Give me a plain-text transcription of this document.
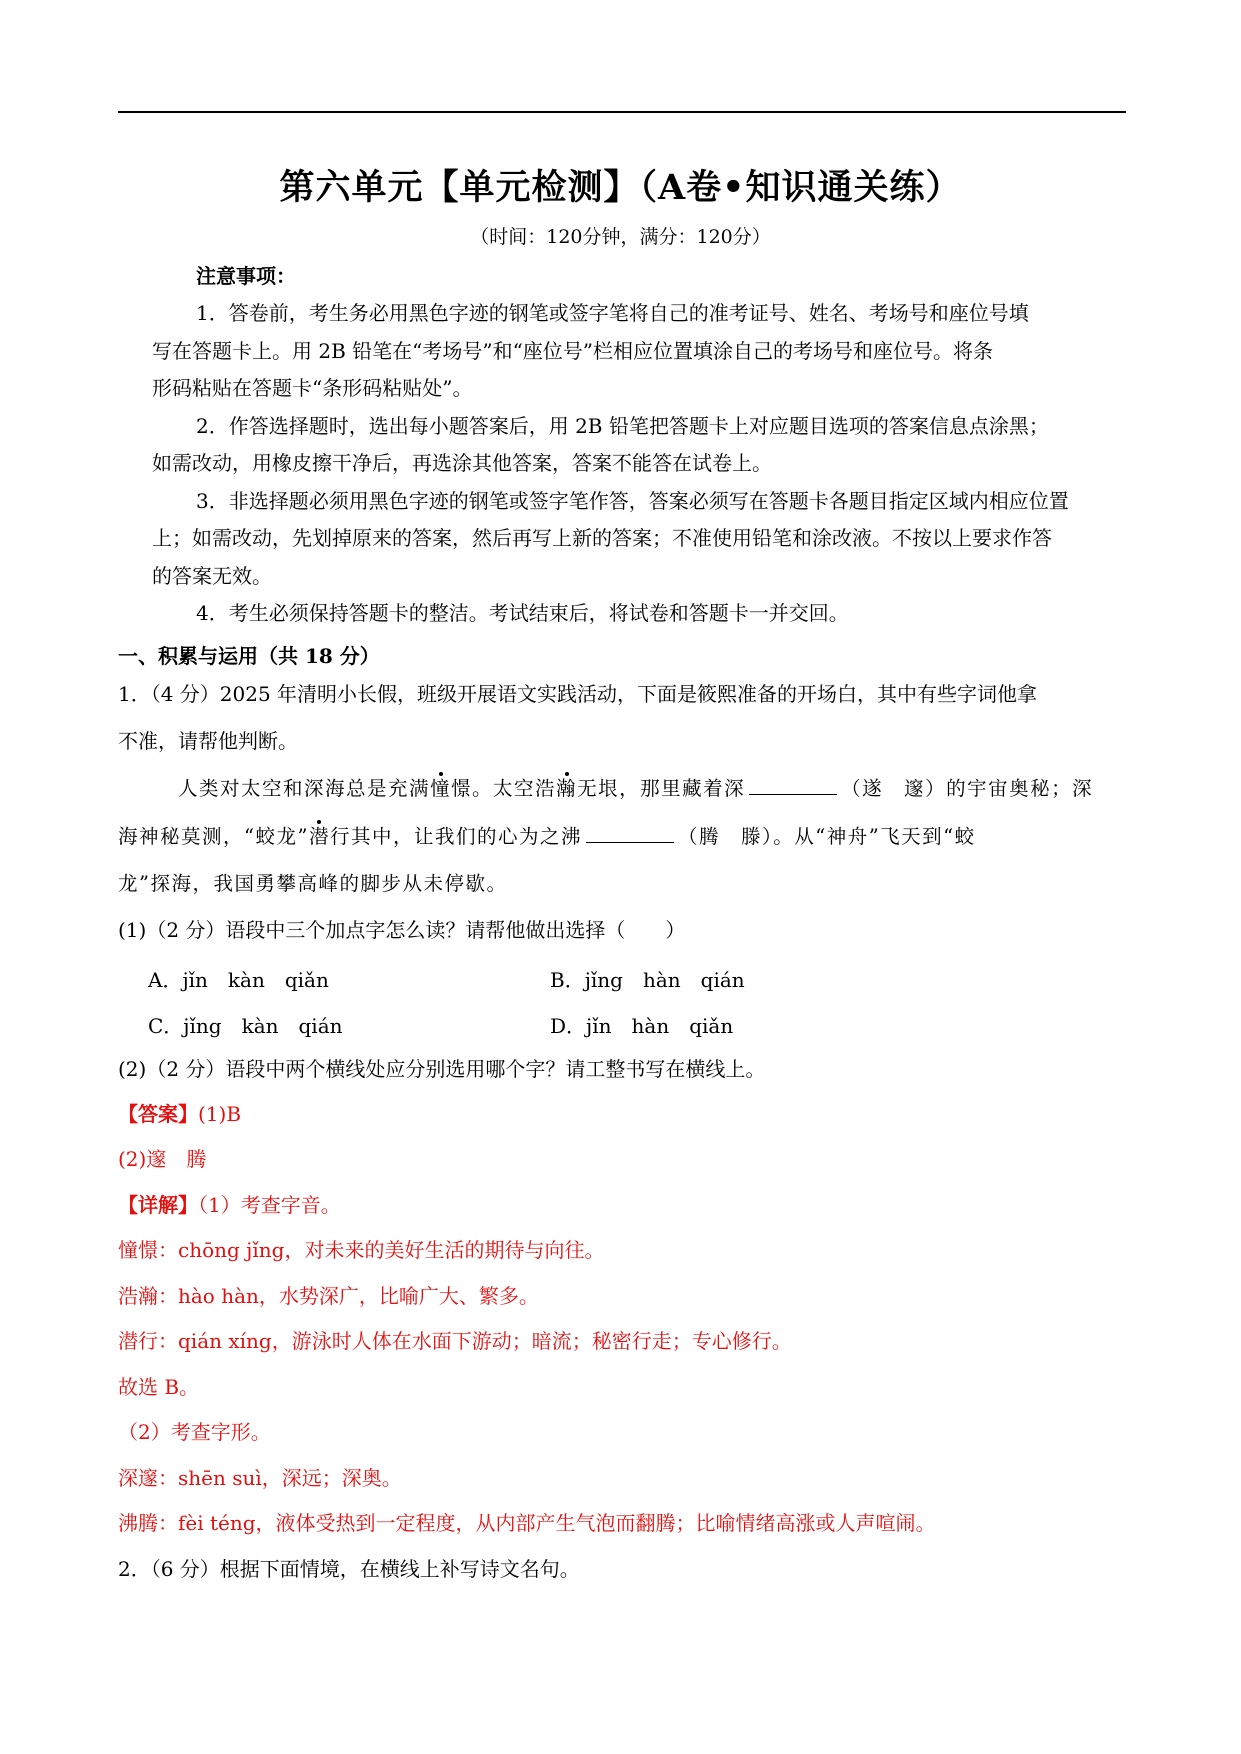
第六单元【单元检测】（A卷•知识通关练）
（时间：120分钟，满分：120分）
注意事项：
1．答卷前，考生务必用黑色字迹的钢笔或签字笔将自己的准考证号、姓名、考场号和座位号填
写在答题卡上。用 2B 铅笔在“考场号”和“座位号”栏相应位置填涂自己的考场号和座位号。将条
形码粘贴在答题卡“条形码粘贴处”。
2．作答选择题时，选出每小题答案后，用 2B 铅笔把答题卡上对应题目选项的答案信息点涂黑；
如需改动，用橡皮擦干净后，再选涂其他答案，答案不能答在试卷上。
3．非选择题必须用黑色字迹的钢笔或签字笔作答，答案必须写在答题卡各题目指定区域内相应位置
上；如需改动，先划掉原来的答案，然后再写上新的答案；不准使用铅笔和涂改液。不按以上要求作答
的答案无效。
4．考生必须保持答题卡的整洁。考试结束后，将试卷和答题卡一并交回。
一、积累与运用（共 18 分）
1．（4 分）2025 年清明小长假，班级开展语文实践活动，下面是筱熙准备的开场白，其中有些字词他拿
不准，请帮他判断。
人类对太空和深海总是充满憧憬。太空浩瀚无垠，那里藏着深	（遂　邃）的宇宙奥秘；深
海神秘莫测，“蛟龙”潜行其中，让我们的心为之沸	（腾　滕）。从“神舟”飞天到“蛟
龙”探海，我国勇攀高峰的脚步从未停歇。
(1)（2 分）语段中三个加点字怎么读？请帮他做出选择（　　）
A．jǐn　kàn　qiǎn	B．jǐng　hàn　qián
C．jǐng　kàn　qián	D．jǐn　hàn　qiǎn
(2)（2 分）语段中两个横线处应分别选用哪个字？请工整书写在横线上。
【答案】(1)B
(2)邃　腾
【详解】（1）考查字音。
憧憬：chōng jǐng，对未来的美好生活的期待与向往。
浩瀚：hào hàn，水势深广，比喻广大、繁多。
潜行：qián xíng，游泳时人体在水面下游动；暗流；秘密行走；专心修行。
故选 B。
（2）考查字形。
深邃：shēn suì，深远；深奥。
沸腾：fèi téng，液体受热到一定程度，从内部产生气泡而翻腾；比喻情绪高涨或人声喧闹。
2．（6 分）根据下面情境，在横线上补写诗文名句。
